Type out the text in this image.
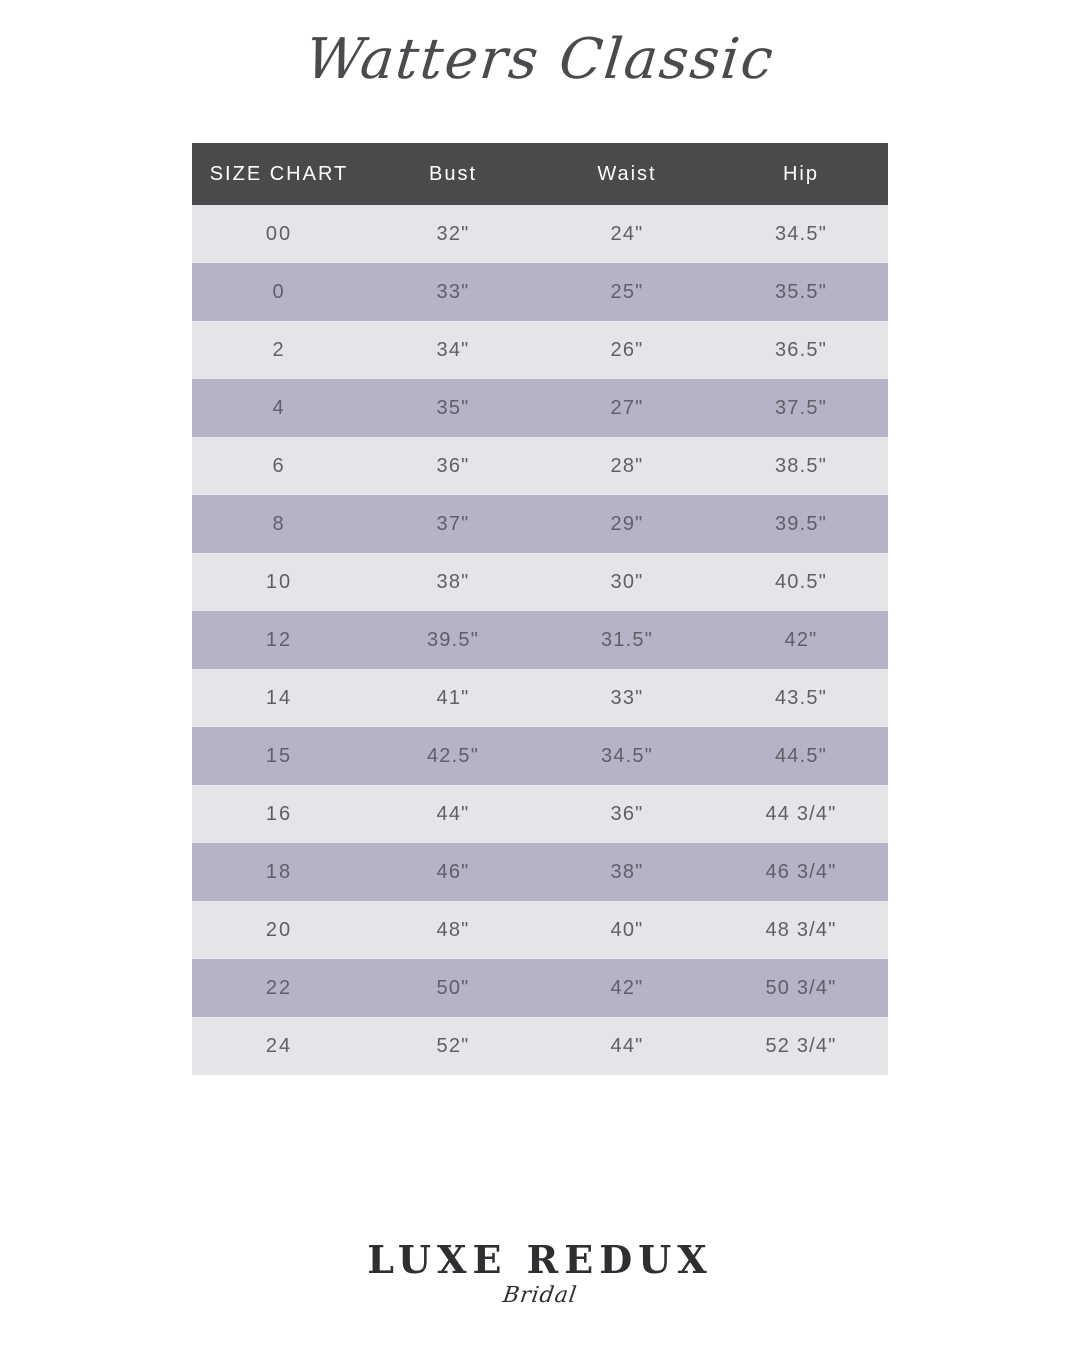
Watters Classic
SIZE CHART	Bust	Waist	Hip
00	32"	24"	34.5"
0	33"	25"	35.5"
2	34"	26"	36.5"
4	35"	27"	37.5"
6	36"	28"	38.5"
8	37"	29"	39.5"
10	38"	30"	40.5"
12	39.5"	31.5"	42"
14	41"	33"	43.5"
15	42.5"	34.5"	44.5"
16	44"	36"	44 3/4"
18	46"	38"	46 3/4"
20	48"	40"	48 3/4"
22	50"	42"	50 3/4"
24	52"	44"	52 3/4"
LUXE REDUX
Bridal
